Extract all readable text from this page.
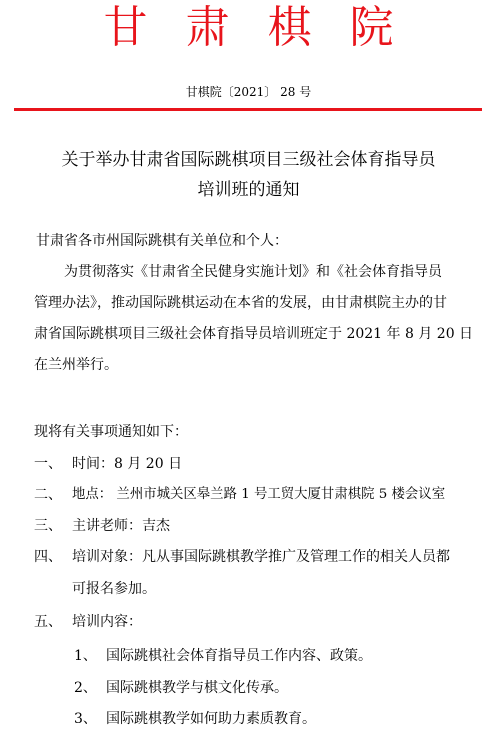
甘肃棋院
甘棋院〔2021〕 28 号
关于举办甘肃省国际跳棋项目三级社会体育指导员
培训班的通知
甘肃省各市州国际跳棋有关单位和个人：
为贯彻落实《甘肃省全民健身实施计划》和《社会体育指导员
管理办法》，推动国际跳棋运动在本省的发展，由甘肃棋院主办的甘
肃省国际跳棋项目三级社会体育指导员培训班定于 2021 年 8 月 20 日
在兰州举行。
现将有关事项通知如下：
一、 时间：8 月 20 日
二、 地点： 兰州市城关区皋兰路 1 号工贸大厦甘肃棋院 5 楼会议室
三、 主讲老师：吉杰
四、 培训对象：凡从事国际跳棋教学推广及管理工作的相关人员都
可报名参加。
五、 培训内容：
1、 国际跳棋社会体育指导员工作内容、政策。
2、 国际跳棋教学与棋文化传承。
3、 国际跳棋教学如何助力素质教育。
